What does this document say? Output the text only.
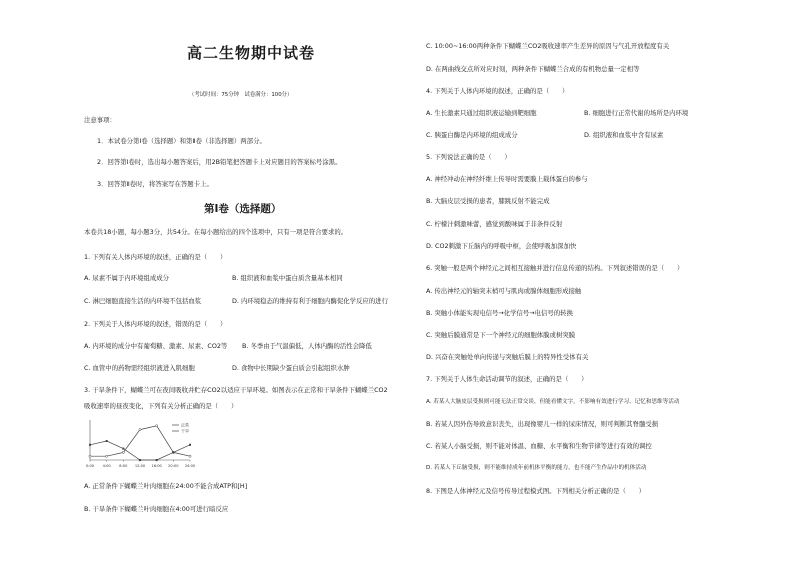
高二生物期中试卷
（考试时间：75分钟　试卷满分：100分）
注意事项：
1．本试卷分第Ⅰ卷（选择题）和第Ⅱ卷（非选择题）两部分。
2．回答第Ⅰ卷时，选出每小题答案后，用2B铅笔把答题卡上对应题目的答案标号涂黑。
3．回答第Ⅱ卷时，将答案写在答题卡上。
第Ⅰ卷（选择题）
本卷共18小题，每小题3分，共54分。在每小题给出的四个选项中，只有一项是符合要求的。
1. 下列有关人体内环境的叙述，正确的是（　　）
A. 尿素不属于内环境组成成分	B. 组织液和血浆中蛋白质含量基本相同
C. 淋巴细胞直接生活的内环境不包括血浆	D. 内环境稳态的维持有利于细胞内酶促化学反应的进行
2. 下列关于人体内环境的叙述，错误的是（　　）
A. 内环境的成分中有葡萄糖、激素、尿素、CO2等 B. 冬季由于气温偏低，人体内酶的活性会降低
C. 血管中的药物需经组织液进入肌细胞	D. 食物中长期缺少蛋白质会引起组织水肿
3. 干旱条件下，蝴蝶兰可在夜间吸收并贮存CO2以适应干旱环境。如图表示在正常和干旱条件下蝴蝶兰CO2
吸收速率的昼夜变化，下列有关分析正确的是（　　）
0:00 4:00 8:00 12:00 16:00 20:00 24:00
正常
干旱
A. 正常条件下蝴蝶兰叶肉细胞在24:00不能合成ATP和[H]
B. 干旱条件下蝴蝶兰叶肉细胞在4:00可进行暗反应
C. 10:00~16:00两种条件下蝴蝶兰CO2吸收速率产生差异的原因与气孔开放程度有关
D. 在两曲线交点所对应时刻，两种条件下蝴蝶兰合成的有机物总量一定相等
4. 下列关于人体内环境的叙述，正确的是（　　）
A. 生长激素只通过组织液运输到靶细胞	B. 细胞进行正常代谢的场所是内环境
C. 胰蛋白酶是内环境的组成成分	D. 组织液和血浆中含有尿素
5. 下列说法正确的是（　　）
A. 神经冲动在神经纤维上传导时需要膜上载体蛋白的参与
B. 大脑皮层受损的患者，膝跳反射不能完成
C. 柠檬汁刺激味蕾，感觉到酸味属于非条件反射
D. CO2刺激下丘脑内的呼吸中枢，会使呼吸加深加快
6. 突触一般是两个神经元之间相互接触并进行信息传递的结构。下列叙述错误的是（　　）
A. 传出神经元的轴突末梢可与肌肉或腺体细胞形成接触
B. 突触小体能实现电信号→化学信号→电信号的转换
C. 突触后膜通常是下一个神经元的细胞体膜或树突膜
D. 兴奋在突触处单向传递与突触后膜上的特异性受体有关
7. 下列关于人体生命活动调节的叙述，正确的是（　　）
A. 若某人大脑皮层受损则可能无法正常交谈，但能看懂文字，不影响有效进行学习、记忆和思维等活动
B. 若某人因外伤导致意识丧失，出现像婴儿一样的尿床情况，则可判断其脊髓受损
C. 若某人小脑受损，则不能对体温、血糖、水平衡和生物节律等进行有效的调控
D. 若某人下丘脑受损，则不能维持成年前机体平衡的能力，也不能产生作品中的机体活动
8. 下图是人体神经元及信号传导过程模式图。下列相关分析正确的是（　　）
